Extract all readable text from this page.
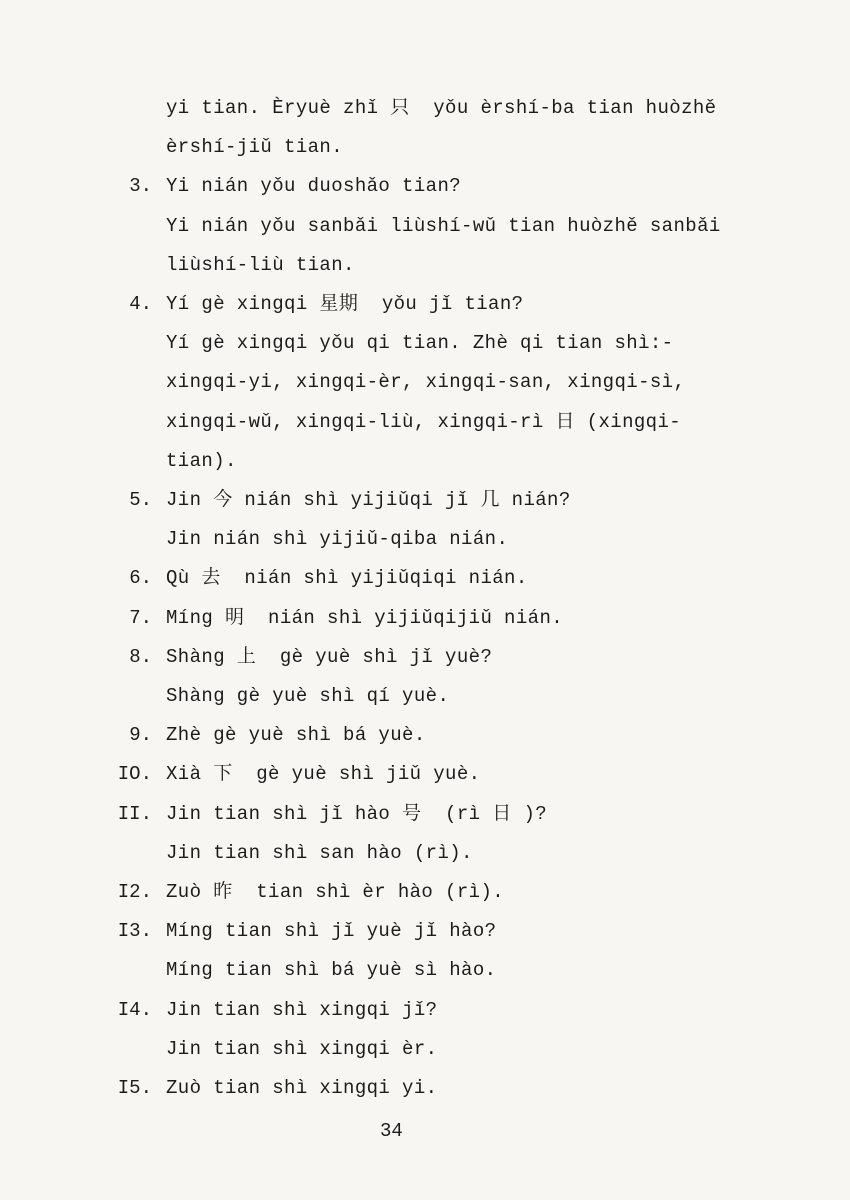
yi tian. Èryuè zhǐ 只  yǒu èrshí-ba tian huòzhě
èrshí-jiǔ tian.
3. Yi nián yǒu duoshǎo tian?
Yi nián yǒu sanbǎi liùshí-wǔ tian huòzhě sanbǎi
liùshí-liù tian.
4. Yí gè xingqi 星期  yǒu jǐ tian?
Yí gè xingqi yǒu qi tian. Zhè qi tian shì:-
xingqi-yi, xingqi-èr, xingqi-san, xingqi-sì,
xingqi-wǔ, xingqi-liù, xingqi-rì 日 (xingqi-
tian).
5. Jin 今 nián shì yijiǔqi jǐ 几 nián?
Jin nián shì yijiǔ-qiba nián.
6. Qù 去  nián shì yijiǔqiqi nián.
7. Míng 明  nián shì yijiǔqijiǔ nián.
8. Shàng 上  gè yuè shì jǐ yuè?
Shàng gè yuè shì qí yuè.
9. Zhè gè yuè shì bá yuè.
IO. Xià 下  gè yuè shì jiǔ yuè.
II. Jin tian shì jǐ hào 号  (rì 日 )?
Jin tian shì san hào (rì).
I2. Zuò 昨  tian shì èr hào (rì).
I3. Míng tian shì jǐ yuè jǐ hào?
Míng tian shì bá yuè sì hào.
I4. Jin tian shì xingqi jǐ?
Jin tian shì xingqi èr.
I5. Zuò tian shì xingqi yi.
34
